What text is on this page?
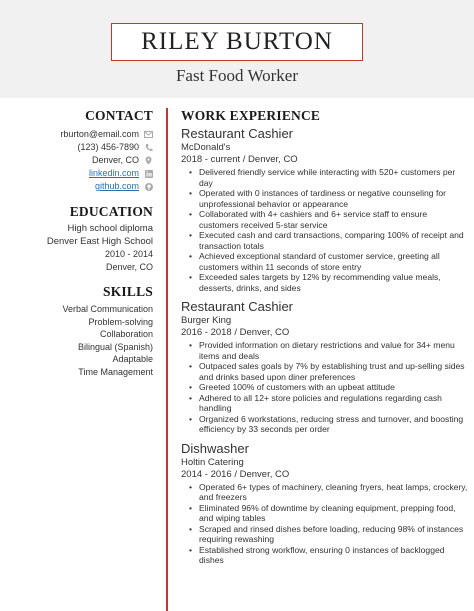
RILEY BURTON
Fast Food Worker
CONTACT
rburton@email.com
(123) 456-7890
Denver, CO
linkedin.com
github.com
EDUCATION
High school diploma
Denver East High School
2010 - 2014
Denver, CO
SKILLS
Verbal Communication
Problem-solving
Collaboration
Bilingual (Spanish)
Adaptable
Time Management
WORK EXPERIENCE
Restaurant Cashier
McDonald's
2018 - current / Denver, CO
• Delivered friendly service while interacting with 520+ customers per day
• Operated with 0 instances of tardiness or negative counseling for unprofessional behavior or appearance
• Collaborated with 4+ cashiers and 6+ service staff to ensure customers received 5-star service
• Executed cash and card transactions, comparing 100% of receipt and transaction totals
• Achieved exceptional standard of customer service, greeting all customers within 11 seconds of store entry
• Exceeded sales targets by 12% by recommending value meals, desserts, drinks, and sides
Restaurant Cashier
Burger King
2016 - 2018 / Denver, CO
• Provided information on dietary restrictions and value for 34+ menu items and deals
• Outpaced sales goals by 7% by establishing trust and up-selling sides and drinks based upon diner preferences
• Greeted 100% of customers with an upbeat attitude
• Adhered to all 12+ store policies and regulations regarding cash handling
• Organized 6 workstations, reducing stress and turnover, and boosting efficiency by 33 seconds per order
Dishwasher
Holtin Catering
2014 - 2016 / Denver, CO
• Operated 6+ types of machinery, cleaning fryers, heat lamps, crockery, and freezers
• Eliminated 96% of downtime by cleaning equipment, prepping food, and wiping tables
• Scraped and rinsed dishes before loading, reducing 98% of instances requiring rewashing
• Established strong workflow, ensuring 0 instances of backlogged dishes
